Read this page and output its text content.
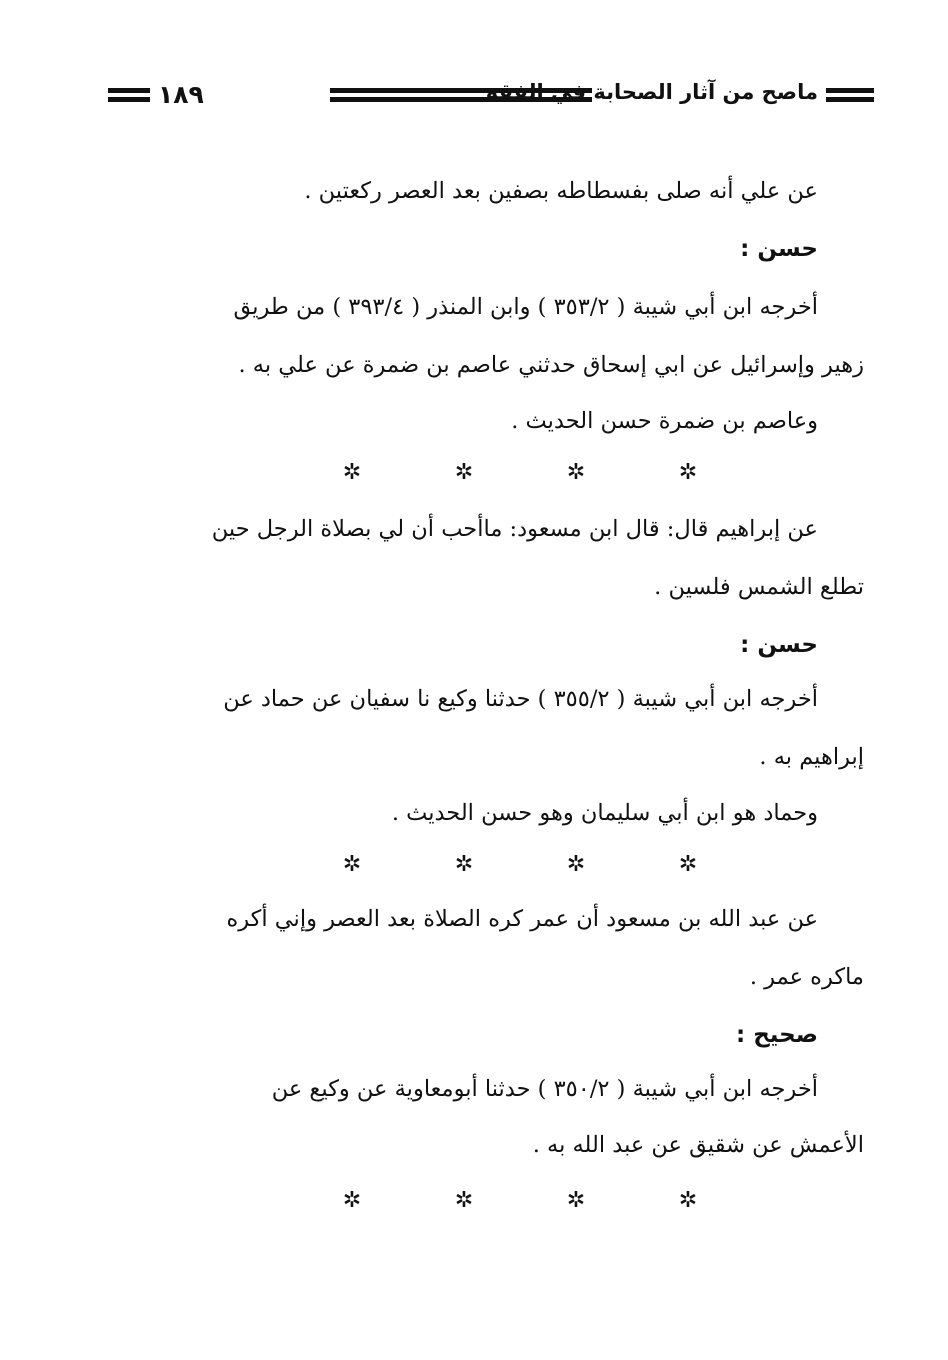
١٨٩	ماصح من آثار الصحابة في الفقه
عن علي أنه صلى بفسطاطه بصفين بعد العصر ركعتين .
حسن :
أخرجه ابن أبي شيبة ( ٣٥٣/٢ ) وابن المنذر ( ٣٩٣/٤ ) من طريق
زهير وإسرائيل عن ابي إسحاق حدثني عاصم بن ضمرة عن علي به .
وعاصم بن ضمرة حسن الحديث .
✲	✲	✲	✲
عن إبراهيم قال: قال ابن مسعود: ماأحب أن لي بصلاة الرجل حين
تطلع الشمس فلسين .
حسن :
أخرجه ابن أبي شيبة ( ٣٥٥/٢ ) حدثنا وكيع نا سفيان عن حماد عن
إبراهيم به .
وحماد هو ابن أبي سليمان وهو حسن الحديث .
✲	✲	✲	✲
عن عبد الله بن مسعود أن عمر كره الصلاة بعد العصر وإني أكره
ماكره عمر .
صحيح :
أخرجه ابن أبي شيبة ( ٣٥٠/٢ ) حدثنا أبومعاوية عن وكيع عن
الأعمش عن شقيق عن عبد الله به .
✲	✲	✲	✲
